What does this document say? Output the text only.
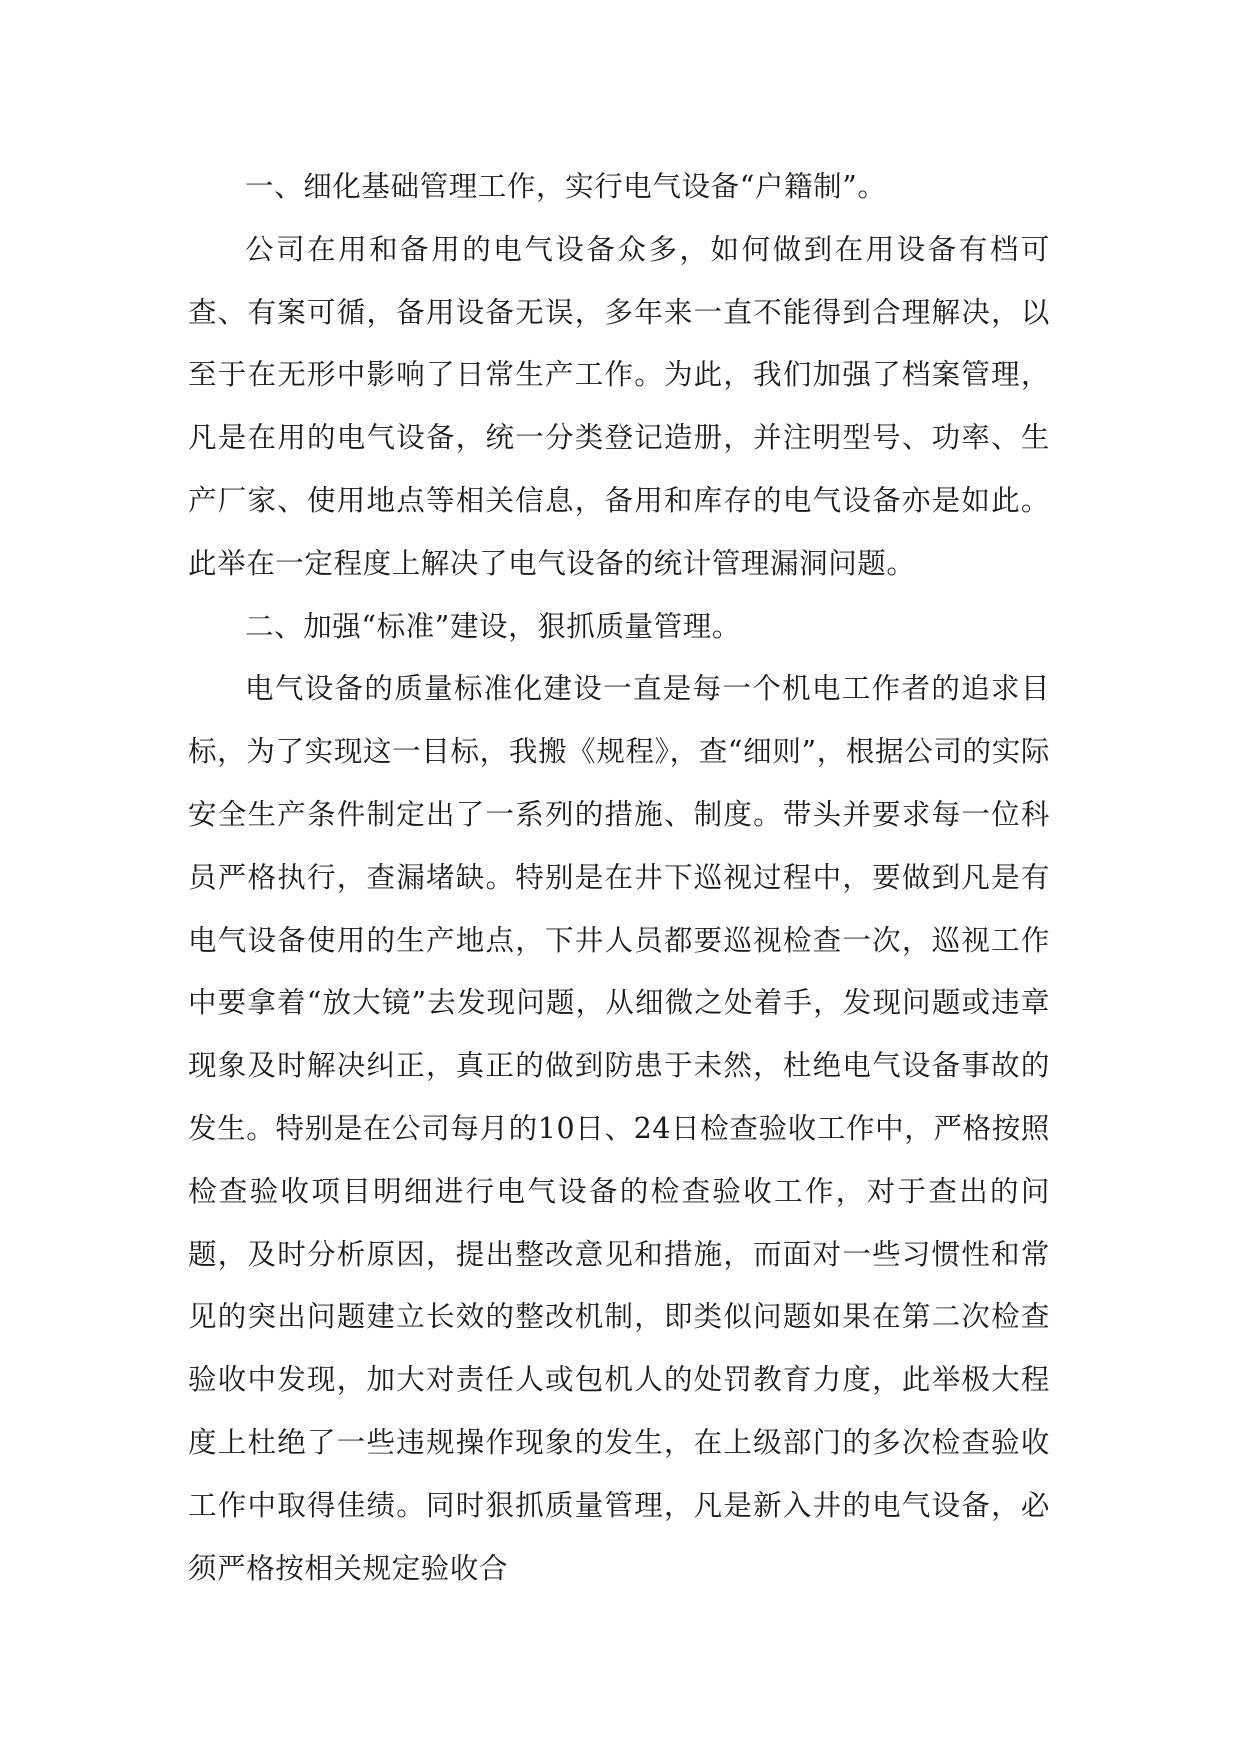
一、细化基础管理工作，实行电气设备“户籍制”。

公司在用和备用的电气设备众多，如何做到在用设备有档可查、有案可循，备用设备无误，多年来一直不能得到合理解决，以至于在无形中影响了日常生产工作。为此，我们加强了档案管理，凡是在用的电气设备，统一分类登记造册，并注明型号、功率、生产厂家、使用地点等相关信息，备用和库存的电气设备亦是如此。此举在一定程度上解决了电气设备的统计管理漏洞问题。

二、加强“标准”建设，狠抓质量管理。

电气设备的质量标准化建设一直是每一个机电工作者的追求目标，为了实现这一目标，我搬《规程》，查“细则”，根据公司的实际安全生产条件制定出了一系列的措施、制度。带头并要求每一位科员严格执行，查漏堵缺。特别是在井下巡视过程中，要做到凡是有电气设备使用的生产地点，下井人员都要巡视检查一次，巡视工作中要拿着“放大镜”去发现问题，从细微之处着手，发现问题或违章现象及时解决纠正，真正的做到防患于未然，杜绝电气设备事故的发生。特别是在公司每月的10日、24日检查验收工作中，严格按照检查验收项目明细进行电气设备的检查验收工作，对于查出的问题，及时分析原因，提出整改意见和措施，而面对一些习惯性和常见的突出问题建立长效的整改机制，即类似问题如果在第二次检查验收中发现，加大对责任人或包机人的处罚教育力度，此举极大程度上杜绝了一些违规操作现象的发生，在上级部门的多次检查验收工作中取得佳绩。同时狠抓质量管理，凡是新入井的电气设备，必须严格按相关规定验收合
